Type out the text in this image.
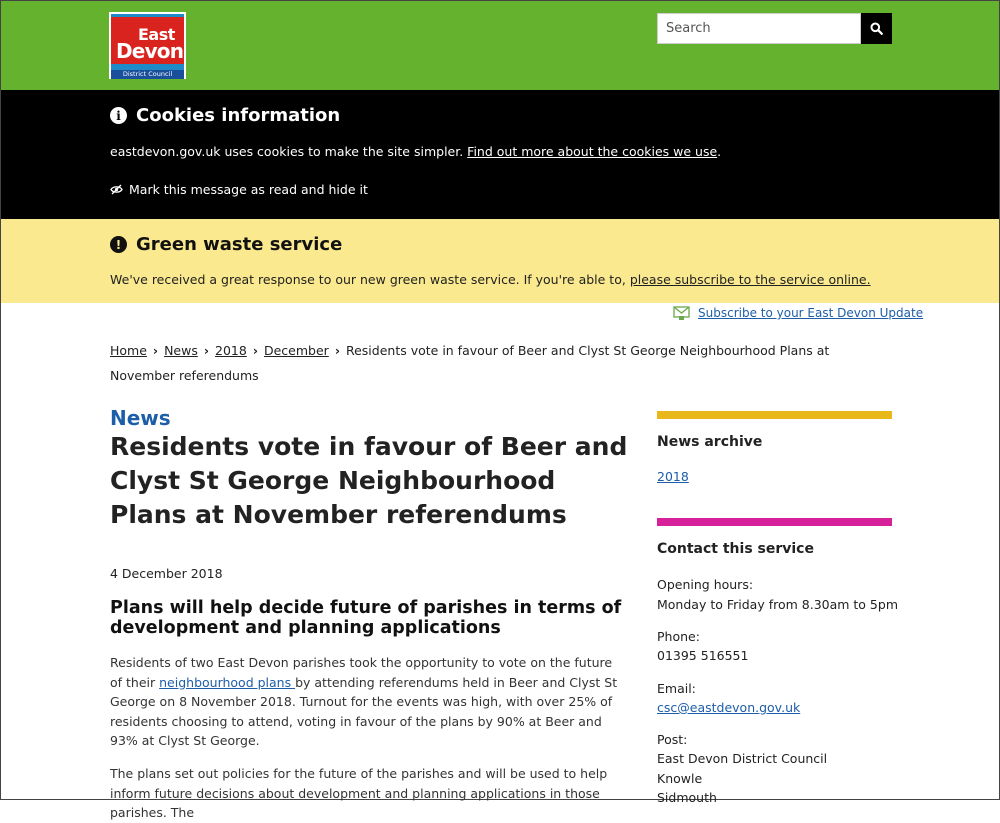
East
Devon
District Council
Search
i Cookies information
eastdevon.gov.uk uses cookies to make the site simpler. Find out more about the cookies we use.
Mark this message as read and hide it
! Green waste service
We've received a great response to our new green waste service. If you're able to, please subscribe to the service online.
Subscribe to your East Devon Update
Home › News › 2018 › December › Residents vote in favour of Beer and Clyst St George Neighbourhood Plans at November referendums
News
Residents vote in favour of Beer and Clyst St George Neighbourhood Plans at November referendums
4 December 2018
Plans will help decide future of parishes in terms of development and planning applications

Residents of two East Devon parishes took the opportunity to vote on the future of their neighbourhood plans by attending referendums held in Beer and Clyst St George on 8 November 2018. Turnout for the events was high, with over 25% of residents choosing to attend, voting in favour of the plans by 90% at Beer and 93% at Clyst St George.

The plans set out policies for the future of the parishes and will be used to help inform future decisions about development and planning applications in those parishes. The

News archive
2018
Contact this service
Opening hours:
Monday to Friday from 8.30am to 5pm
Phone:
01395 516551
Email:
csc@eastdevon.gov.uk
Post:
East Devon District Council
Knowle
Sidmouth
